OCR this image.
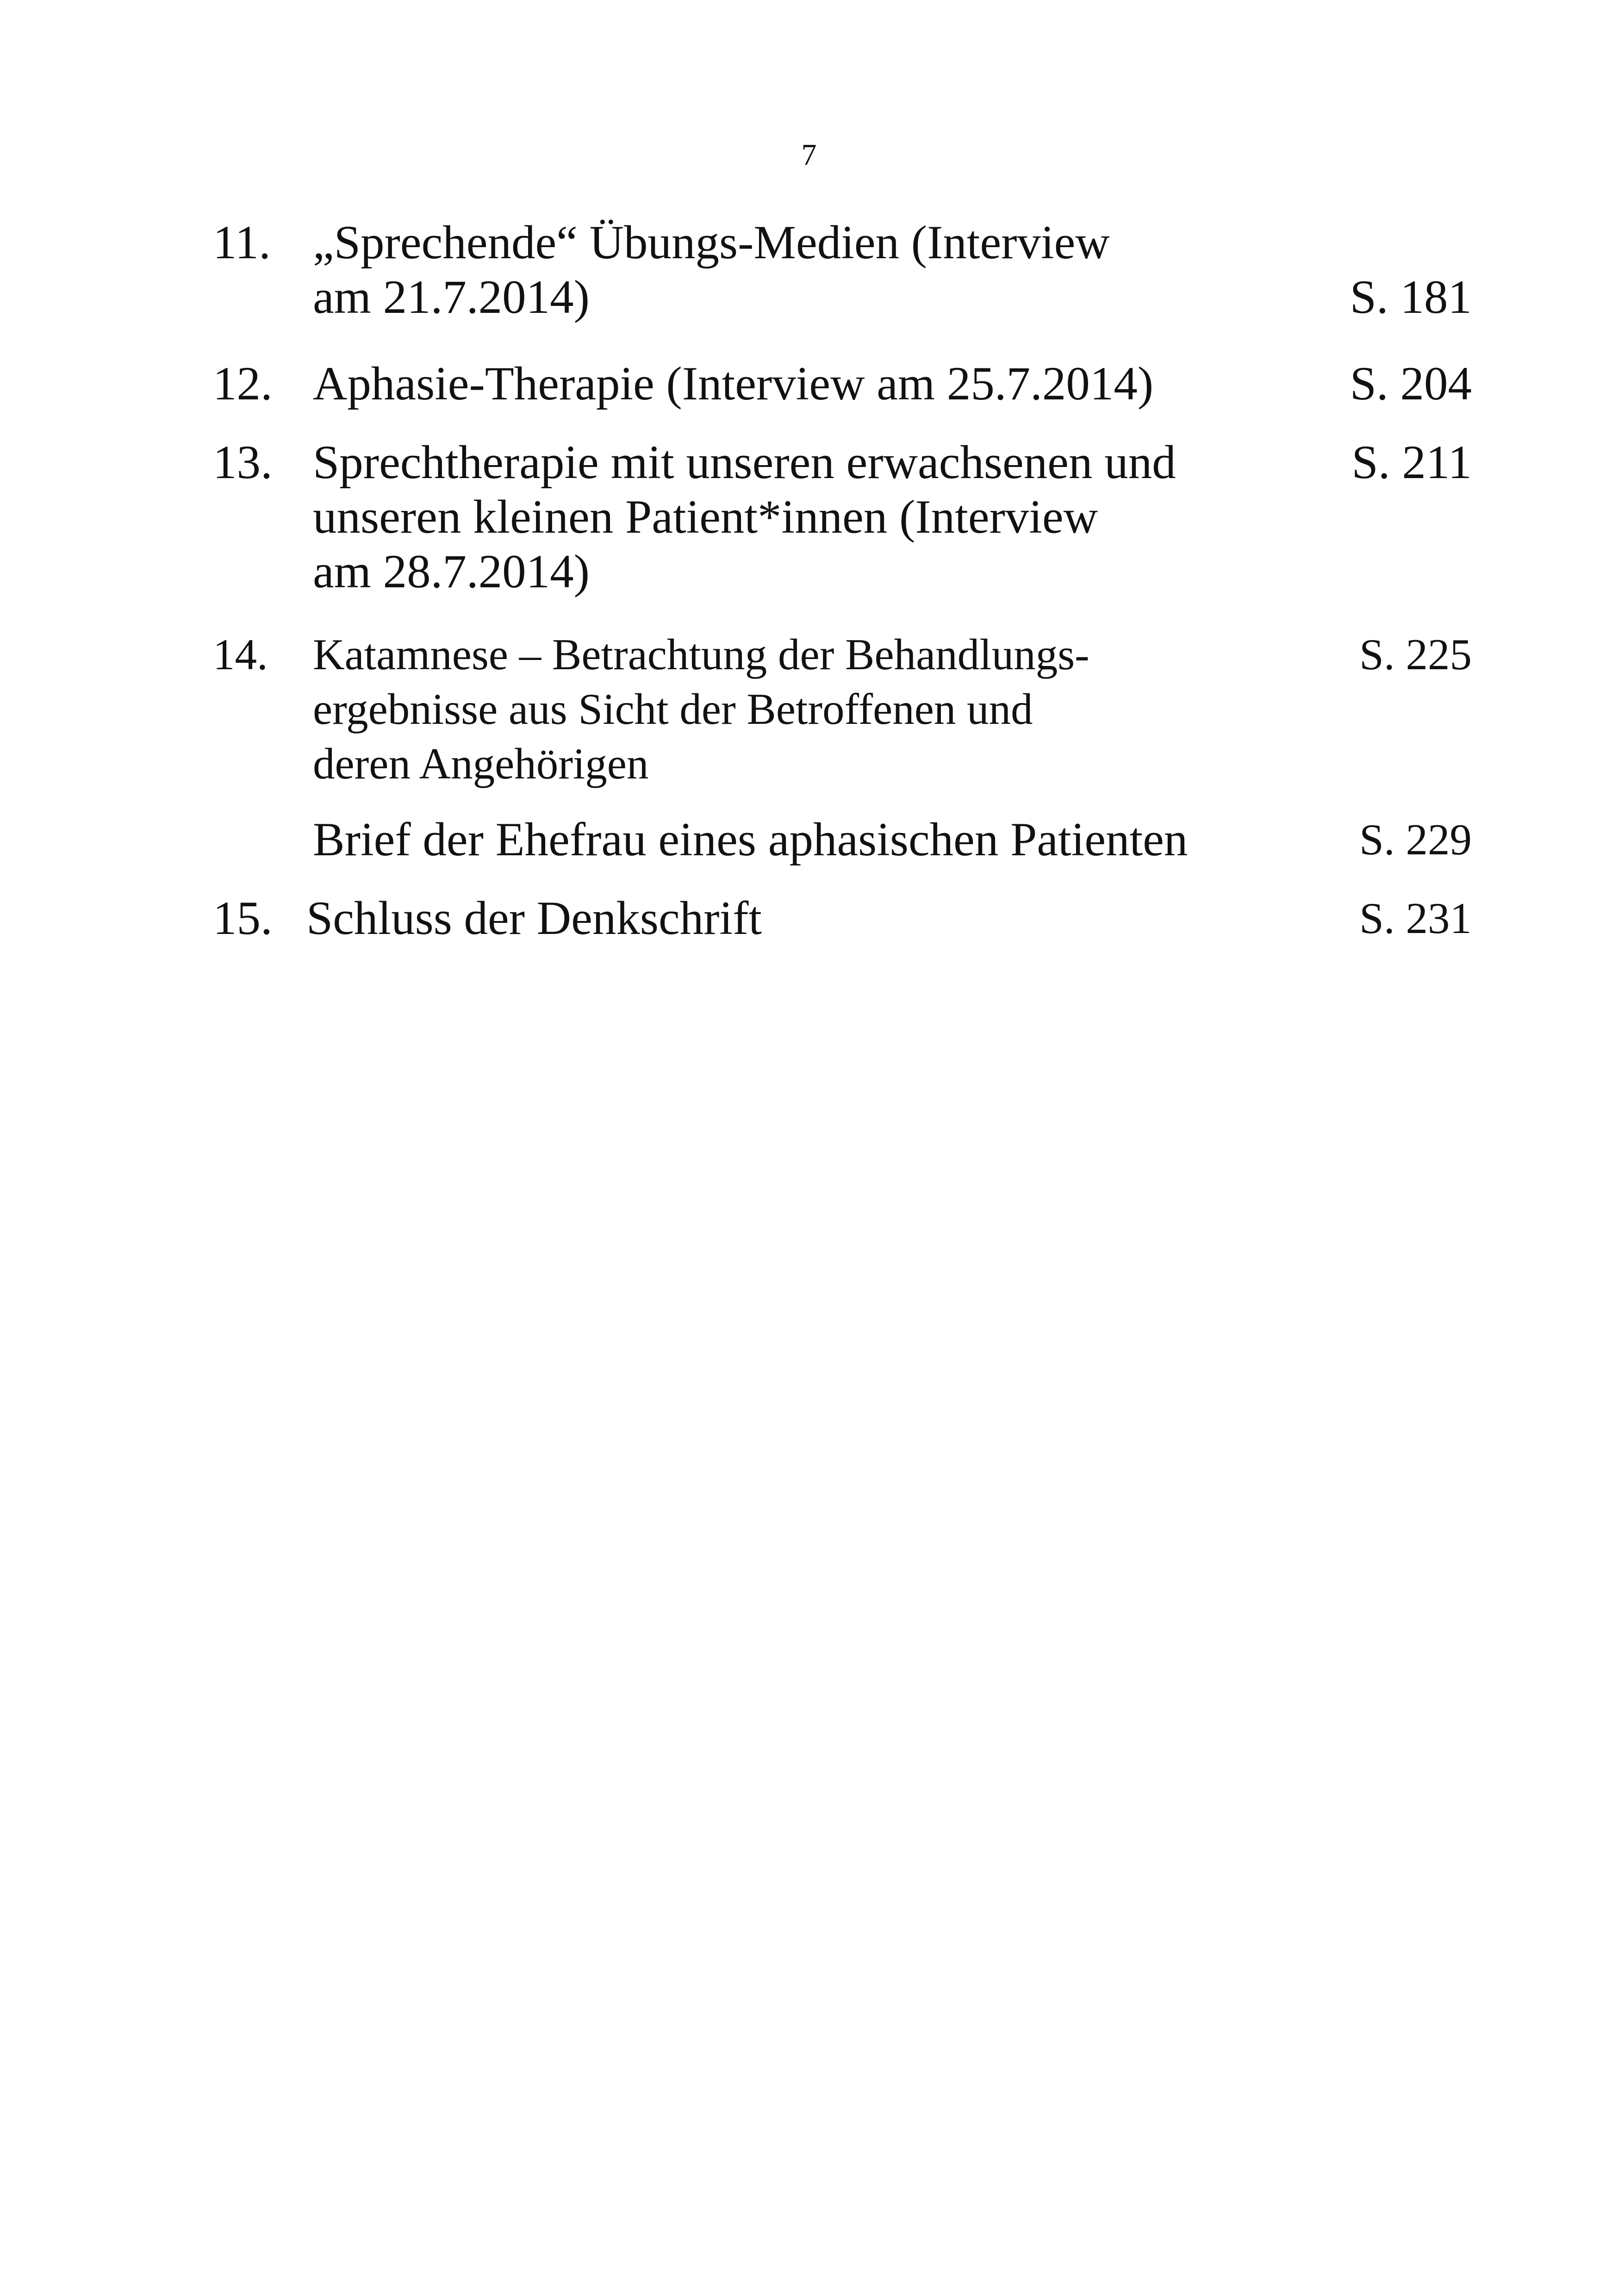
7
11. „Sprechende“ Übungs-Medien (Interview
am 21.7.2014)	S. 181
12. Aphasie-Therapie (Interview am 25.7.2014)	S. 204
13. Sprechtherapie mit unseren erwachsenen und
unseren kleinen Patient*innen (Interview
am 28.7.2014)
S. 211
14. Katamnese – Betrachtung der Behandlungs-
ergebnisse aus Sicht der Betroffenen und
deren Angehörigen
S. 225
Brief der Ehefrau eines aphasischen Patienten	S. 229
15. Schluss der Denkschrift	S. 231
